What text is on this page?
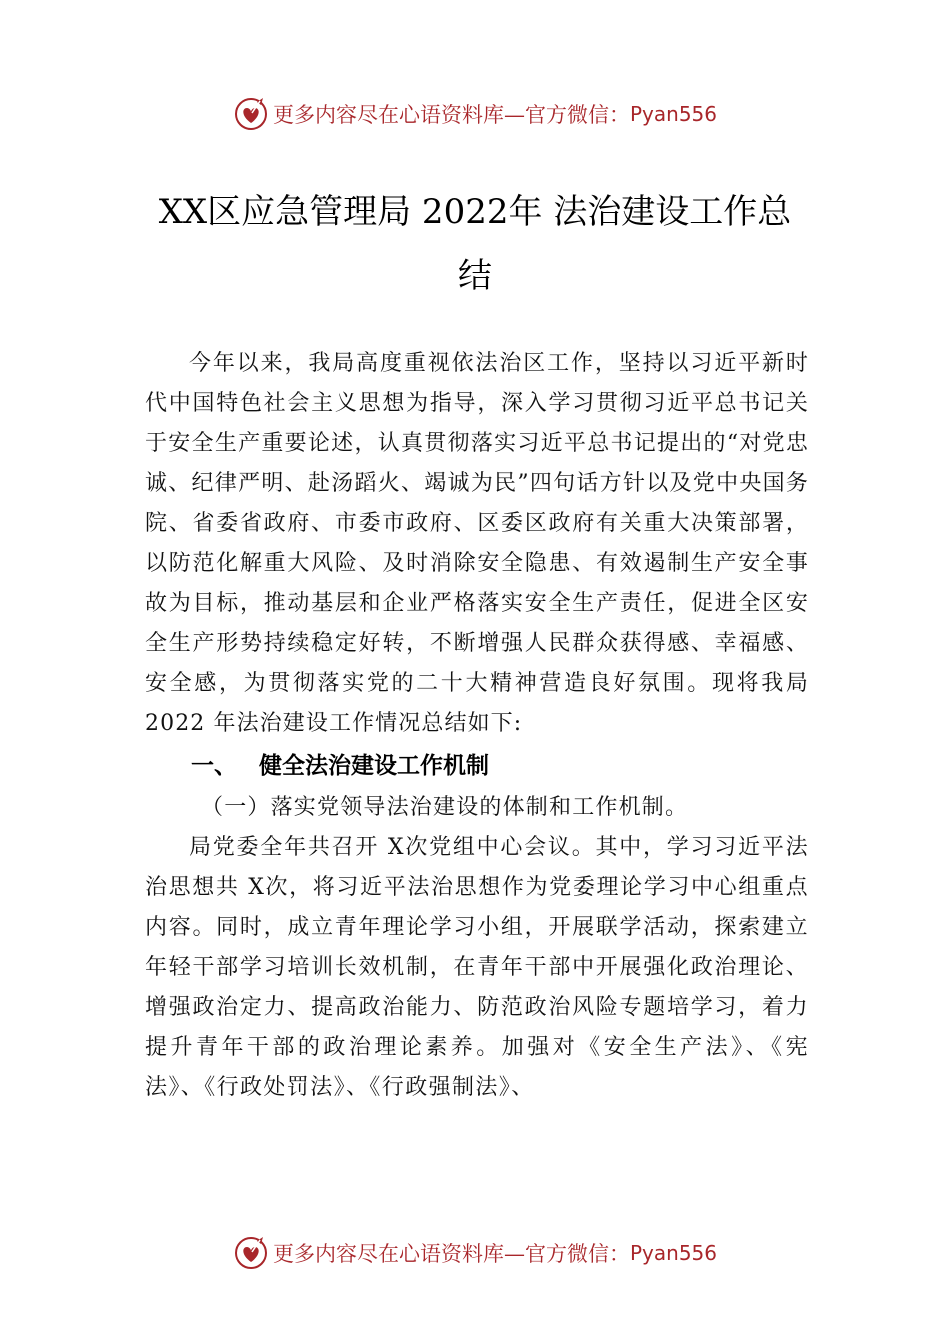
更多内容尽在心语资料库—官方微信： Pyan556
XX区应急管理局 2022年 法治建设工作总
结

今年以来，我局高度重视依法治区工作，坚持以习近平新时代中国特色社会主义思想为指导，深入学习贯彻习近平总书记关于安全生产重要论述，认真贯彻落实习近平总书记提出的“对党忠诚、纪律严明、赴汤蹈火、竭诚为民”四句话方针以及党中央国务院、省委省政府、市委市政府、区委区政府有关重大决策部署，以防范化解重大风险、及时消除安全隐患、有效遏制生产安全事故为目标，推动基层和企业严格落实安全生产责任，促进全区安全生产形势持续稳定好转，不断增强人民群众获得感、幸福感、安全感，为贯彻落实党的二十大精神营造良好氛围。现将我局 2022 年法治建设工作情况总结如下:

一、 健全法治建设工作机制

（一）落实党领导法治建设的体制和工作机制。

局党委全年共召开 X次党组中心会议。其中，学习习近平法治思想共 X次，将习近平法治思想作为党委理论学习中心组重点内容。同时，成立青年理论学习小组，开展联学活动，探索建立年轻干部学习培训长效机制，在青年干部中开展强化政治理论、增强政治定力、提高政治能力、防范政治风险专题培学习，着力提升青年干部的政治理论素养。加强对《安全生产法》、《宪法》、《行政处罚法》、《行政强制法》、

更多内容尽在心语资料库—官方微信： Pyan556
